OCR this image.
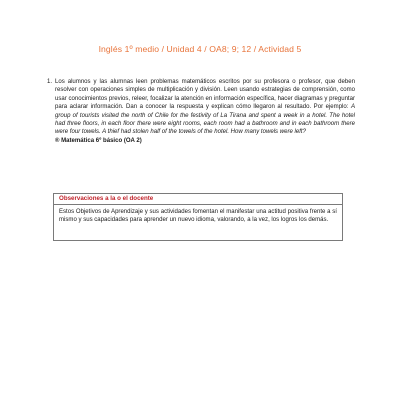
Inglés 1º medio / Unidad 4 / OA8; 9; 12 / Actividad 5
1. Los alumnos y las alumnas leen problemas matemáticos escritos por su profesora o profesor, que deben resolver con operaciones simples de multiplicación y división. Leen usando estrategias de comprensión, como usar conocimientos previos, releer, focalizar la atención en información específica, hacer diagramas y preguntar para aclarar información. Dan a conocer la respuesta y explican cómo llegaron al resultado. Por ejemplo: A group of tourists visited the north of Chile for the festivity of La Tirana and spent a week in a hotel. The hotel had three floors, in each floor there were eight rooms, each room had a bathroom and in each bathroom there were four towels. A thief had stolen half of the towels of the hotel. How many towels were left?
® Matemática 6º básico (OA 2)
Observaciones a la o el docente
Estos Objetivos de Aprendizaje y sus actividades fomentan el manifestar una actitud positiva frente a sí mismo y sus capacidades para aprender un nuevo idioma, valorando, a la vez, los logros los demás.
